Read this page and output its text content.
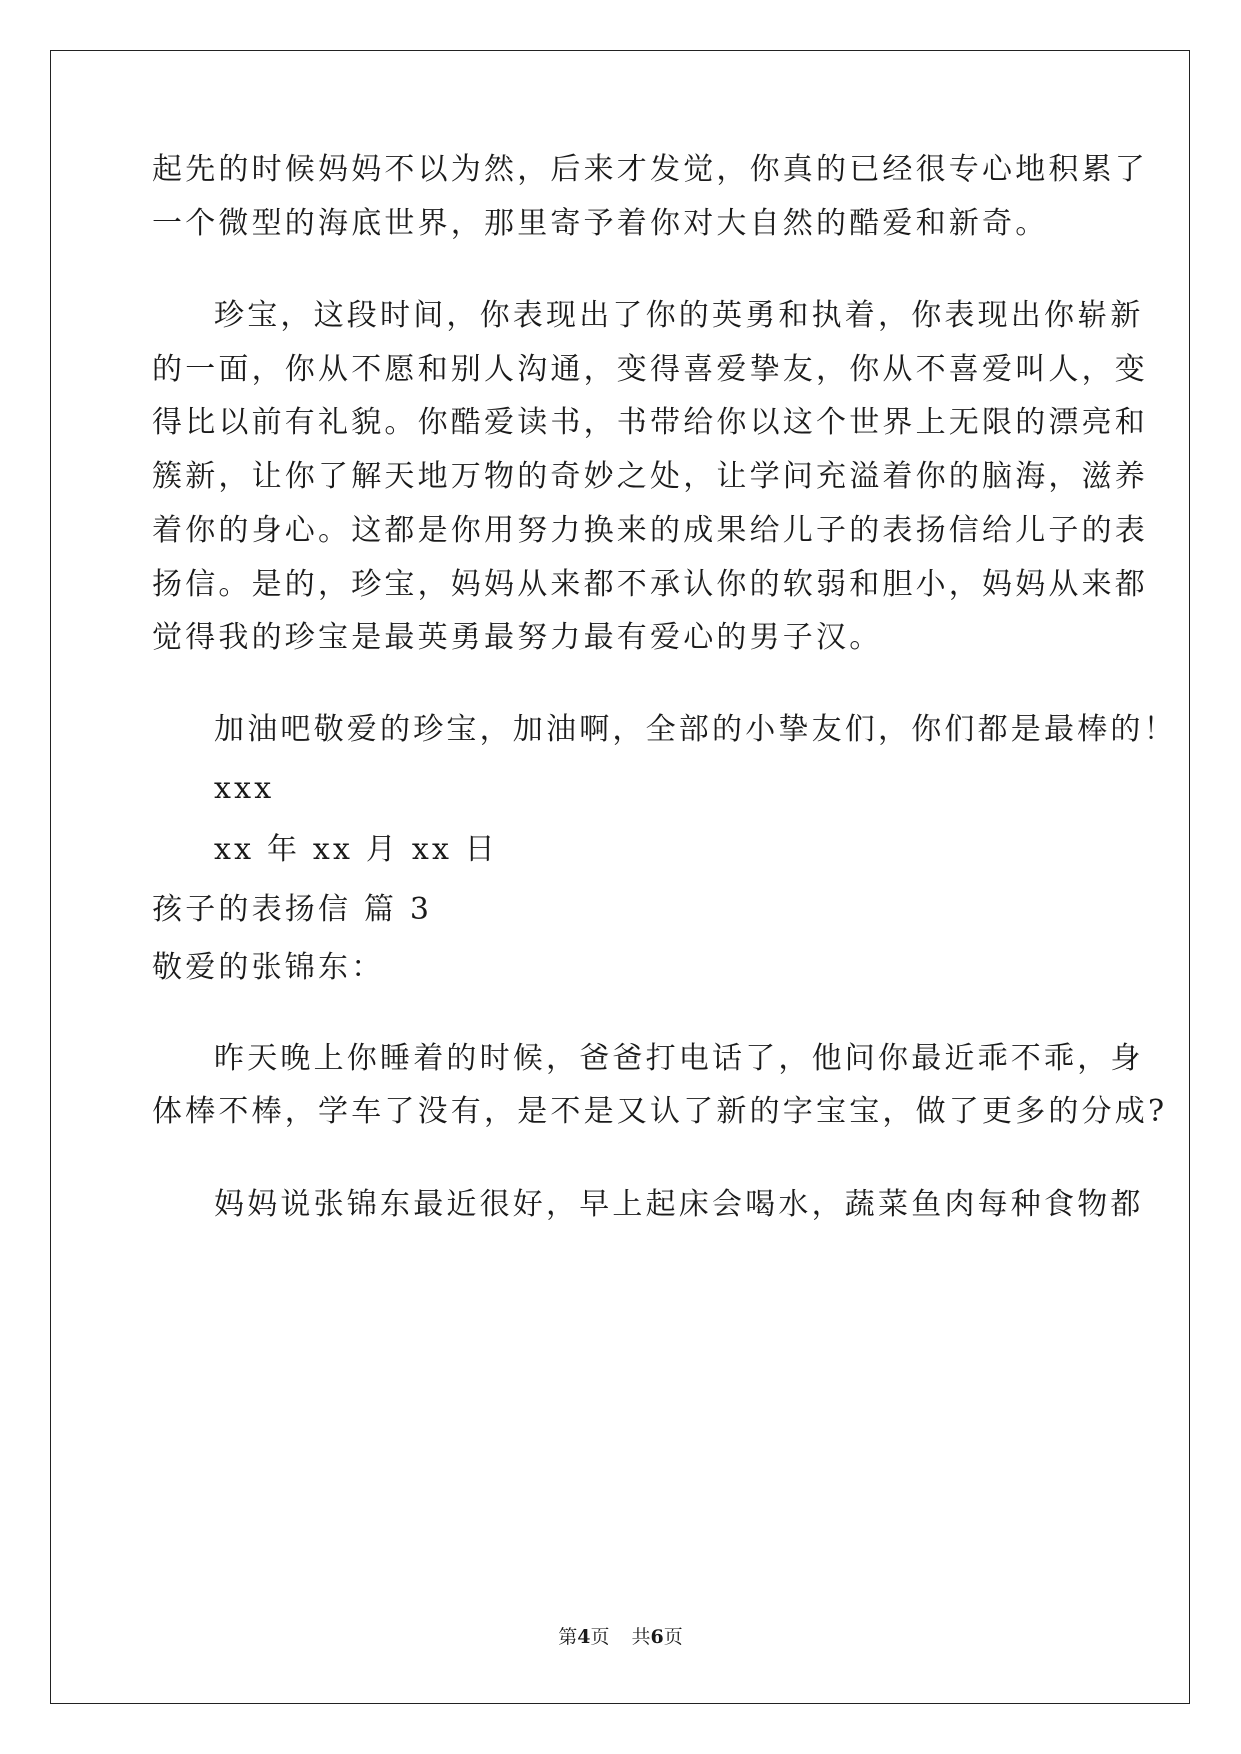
起先的时候妈妈不以为然，后来才发觉，你真的已经很专心地积累了
一个微型的海底世界，那里寄予着你对大自然的酷爱和新奇。
珍宝，这段时间，你表现出了你的英勇和执着，你表现出你崭新
的一面，你从不愿和别人沟通，变得喜爱挚友，你从不喜爱叫人，变
得比以前有礼貌。你酷爱读书，书带给你以这个世界上无限的漂亮和
簇新，让你了解天地万物的奇妙之处，让学问充溢着你的脑海，滋养
着你的身心。这都是你用努力换来的成果给儿子的表扬信给儿子的表
扬信。是的，珍宝，妈妈从来都不承认你的软弱和胆小，妈妈从来都
觉得我的珍宝是最英勇最努力最有爱心的男子汉。
加油吧敬爱的珍宝，加油啊，全部的小挚友们，你们都是最棒的！
xxx
xx 年 xx 月 xx 日
孩子的表扬信 篇 3
敬爱的张锦东：
昨天晚上你睡着的时候，爸爸打电话了，他问你最近乖不乖，身
体棒不棒，学车了没有，是不是又认了新的字宝宝，做了更多的分成?
妈妈说张锦东最近很好，早上起床会喝水，蔬菜鱼肉每种食物都
第4页 共6页
